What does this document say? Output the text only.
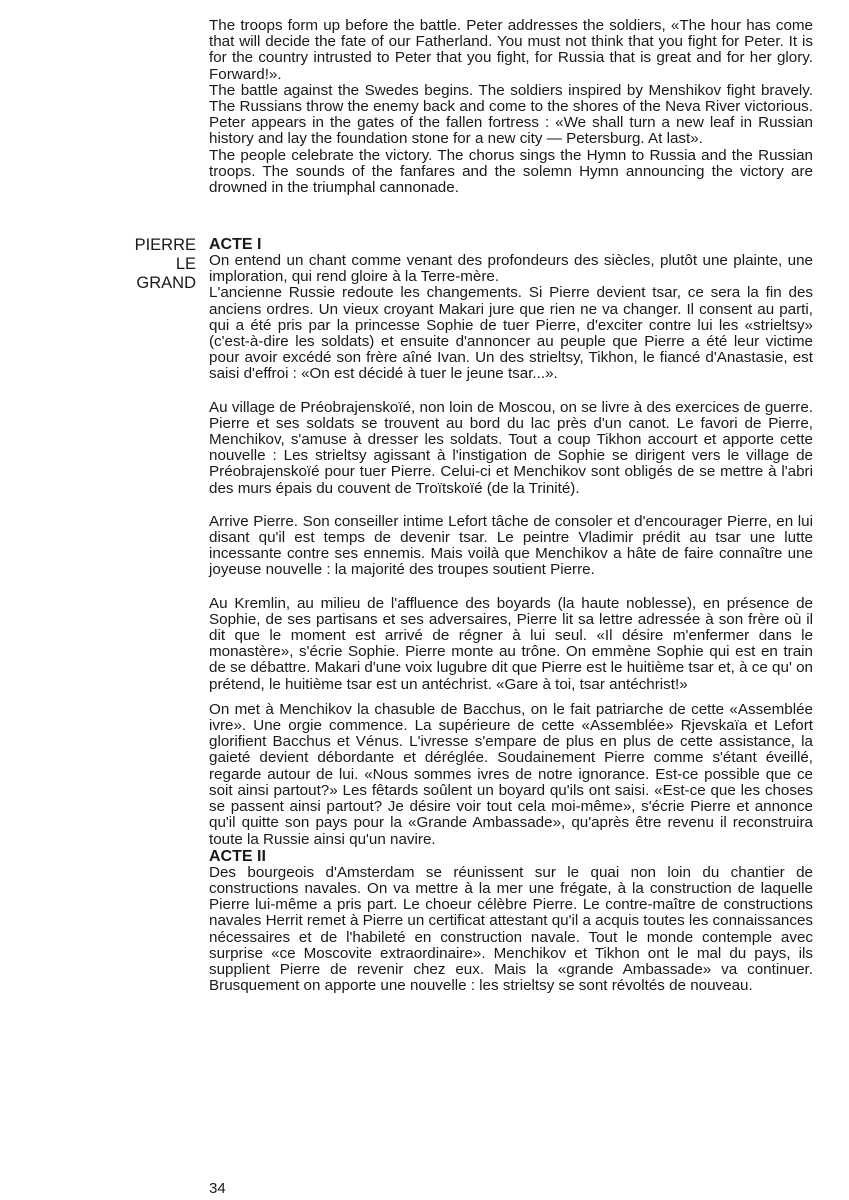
The troops form up before the battle. Peter addresses the soldiers, «The hour has come that will decide the fate of our Fatherland. You must not think that you fight for Peter. It is for the country intrusted to Peter that you fight, for Russia that is great and for her glory. Forward!».

The battle against the Swedes begins. The soldiers inspired by Menshikov fight bravely. The Russians throw the enemy back and come to the shores of the Neva River victorious. Peter appears in the gates of the fallen fortress : «We shall turn a new leaf in Russian history and lay the foundation stone for a new city — Petersburg. At last».

The people celebrate the victory. The chorus sings the Hymn to Russia and the Russian troops. The sounds of the fanfares and the solemn Hymn announcing the victory are drowned in the triumphal cannonade.

PIERRE
LE
GRAND
ACTE I

On entend un chant comme venant des profondeurs des siècles, plutôt une plainte, une imploration, qui rend gloire à la Terre-mère.

L'ancienne Russie redoute les changements. Si Pierre devient tsar, ce sera la fin des anciens ordres. Un vieux croyant Makari jure que rien ne va changer. Il consent au parti, qui a été pris par la princesse Sophie de tuer Pierre, d'exciter contre lui les «strieltsy» (c'est-à-dire les soldats) et ensuite d'annoncer au peuple que Pierre a été leur victime pour avoir excédé son frère aîné Ivan. Un des strieltsy, Tikhon, le fiancé d'Anastasie, est saisi d'effroi : «On est décidé à tuer le jeune tsar...».

Au village de Préobrajenskoïé, non loin de Moscou, on se livre à des exercices de guerre. Pierre et ses soldats se trouvent au bord du lac près d'un canot. Le favori de Pierre, Menchikov, s'amuse à dresser les soldats. Tout a coup Tikhon accourt et apporte cette nouvelle : Les strieltsy agissant à l'instigation de Sophie se dirigent vers le village de Préobrajenskoïé pour tuer Pierre. Celui-ci et Menchikov sont obligés de se mettre à l'abri des murs épais du couvent de Troïtskoïé (de la Trinité).

Arrive Pierre. Son conseiller intime Lefort tâche de consoler et d'encourager Pierre, en lui disant qu'il est temps de devenir tsar. Le peintre Vladimir prédit au tsar une lutte incessante contre ses ennemis. Mais voilà que Menchikov a hâte de faire connaître une joyeuse nouvelle : la majorité des troupes soutient Pierre.

Au Kremlin, au milieu de l'affluence des boyards (la haute noblesse), en présence de Sophie, de ses partisans et ses adversaires, Pierre lit sa lettre adressée à son frère où il dit que le moment est arrivé de régner à lui seul. «Il désire m'enfermer dans le monastère», s'écrie Sophie. Pierre monte au trône. On emmène Sophie qui est en train de se débattre. Makari d'une voix lugubre dit que Pierre est le huitième tsar et, à ce qu' on prétend, le huitième tsar est un antéchrist. «Gare à toi, tsar antéchrist!»

On met à Menchikov la chasuble de Bacchus, on le fait patriarche de cette «Assemblée ivre». Une orgie commence. La supérieure de cette «Assemblée» Rjevskaïa et Lefort glorifient Bacchus et Vénus. L'ivresse s'empare de plus en plus de cette assistance, la gaieté devient débordante et déréglée. Soudainement Pierre comme s'étant éveillé, regarde autour de lui. «Nous sommes ivres de notre ignorance. Est-ce possible que ce soit ainsi partout?» Les fêtards soûlent un boyard qu'ils ont saisi. «Est-ce que les choses se passent ainsi partout? Je désire voir tout cela moi-même», s'écrie Pierre et annonce qu'il quitte son pays pour la «Grande Ambassade», qu'après être revenu il reconstruira toute la Russie ainsi qu'un navire.

ACTE II

Des bourgeois d'Amsterdam se réunissent sur le quai non loin du chantier de constructions navales. On va mettre à la mer une frégate, à la construction de laquelle Pierre lui-même a pris part. Le choeur célèbre Pierre. Le contre-maître de constructions navales Herrit remet à Pierre un certificat attestant qu'il a acquis toutes les connaissances nécessaires et de l'habileté en construction navale. Tout le monde contemple avec surprise «ce Moscovite extraordinaire». Menchikov et Tikhon ont le mal du pays, ils supplient Pierre de revenir chez eux. Mais la «grande Ambassade» va continuer. Brusquement on apporte une nouvelle : les strieltsy se sont révoltés de nouveau.

34
